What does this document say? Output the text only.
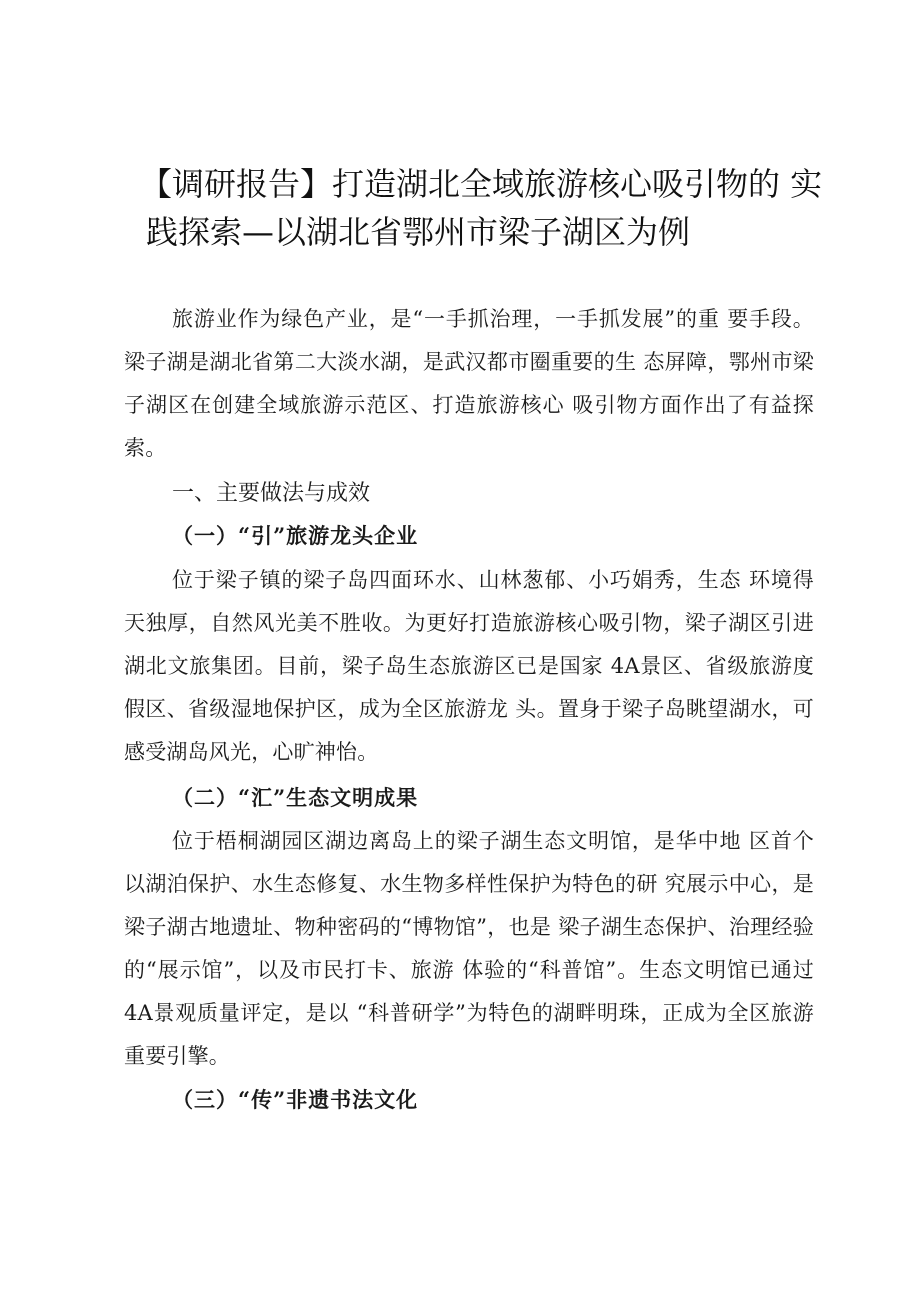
【调研报告】打造湖北全域旅游核心吸引物的 实
践探索—以湖北省鄂州市梁子湖区为例

旅游业作为绿色产业，是“一手抓治理，一手抓发展”的重 要手段。梁子湖是湖北省第二大淡水湖，是武汉都市圈重要的生 态屏障，鄂州市梁子湖区在创建全域旅游示范区、打造旅游核心 吸引物方面作出了有益探索。

一、主要做法与成效
（一）“引”旅游龙头企业

位于梁子镇的梁子岛四面环水、山林葱郁、小巧娟秀，生态 环境得天独厚，自然风光美不胜收。为更好打造旅游核心吸引物，梁子湖区引进湖北文旅集团。目前，梁子岛生态旅游区已是国家 4A景区、省级旅游度假区、省级湿地保护区，成为全区旅游龙 头。置身于梁子岛眺望湖水，可感受湖岛风光，心旷神怡。

（二）“汇”生态文明成果

位于梧桐湖园区湖边离岛上的梁子湖生态文明馆，是华中地 区首个以湖泊保护、水生态修复、水生物多样性保护为特色的研 究展示中心，是梁子湖古地遗址、物种密码的“博物馆”，也是 梁子湖生态保护、治理经验的“展示馆”，以及市民打卡、旅游 体验的“科普馆”。生态文明馆已通过4A景观质量评定，是以 “科普研学”为特色的湖畔明珠，正成为全区旅游重要引擎。

（三）“传”非遗书法文化
